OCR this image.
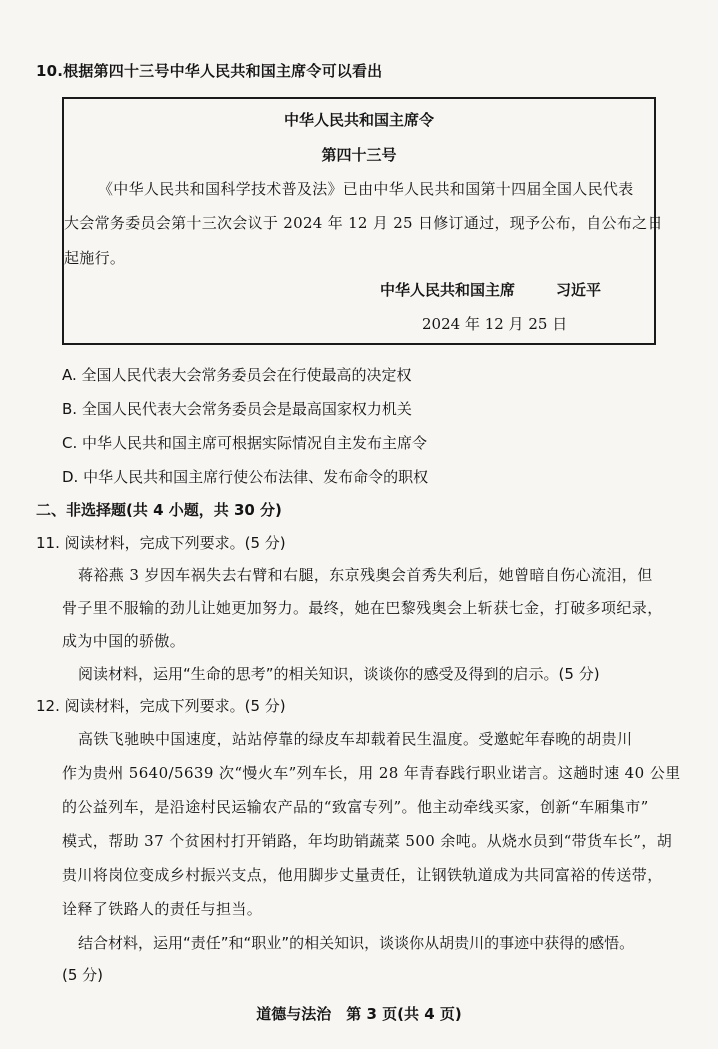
10.根据第四十三号中华人民共和国主席令可以看出
中华人民共和国主席令
第四十三号
《中华人民共和国科学技术普及法》已由中华人民共和国第十四届全国人民代表
大会常务委员会第十三次会议于 2024 年 12 月 25 日修订通过，现予公布，自公布之日
起施行。
中华人民共和国主席	习近平
2024 年 12 月 25 日
A. 全国人民代表大会常务委员会在行使最高的决定权
B. 全国人民代表大会常务委员会是最高国家权力机关
C. 中华人民共和国主席可根据实际情况自主发布主席令
D. 中华人民共和国主席行使公布法律、发布命令的职权
二、非选择题(共 4 小题，共 30 分)
11. 阅读材料，完成下列要求。(5 分)
蒋裕燕 3 岁因车祸失去右臂和右腿，东京残奥会首秀失利后，她曾暗自伤心流泪，但
骨子里不服输的劲儿让她更加努力。最终，她在巴黎残奥会上斩获七金，打破多项纪录，
成为中国的骄傲。
阅读材料，运用“生命的思考”的相关知识，谈谈你的感受及得到的启示。(5 分)
12. 阅读材料，完成下列要求。(5 分)
高铁飞驰映中国速度，站站停靠的绿皮车却载着民生温度。受邀蛇年春晚的胡贵川
作为贵州 5640/5639 次“慢火车”列车长，用 28 年青春践行职业诺言。这趟时速 40 公里
的公益列车，是沿途村民运输农产品的“致富专列”。他主动牵线买家，创新“车厢集市”
模式，帮助 37 个贫困村打开销路，年均助销蔬菜 500 余吨。从烧水员到“带货车长”，胡
贵川将岗位变成乡村振兴支点，他用脚步丈量责任，让钢铁轨道成为共同富裕的传送带，
诠释了铁路人的责任与担当。
结合材料，运用“责任”和“职业”的相关知识，谈谈你从胡贵川的事迹中获得的感悟。
(5 分)
道德与法治　第 3 页(共 4 页)
